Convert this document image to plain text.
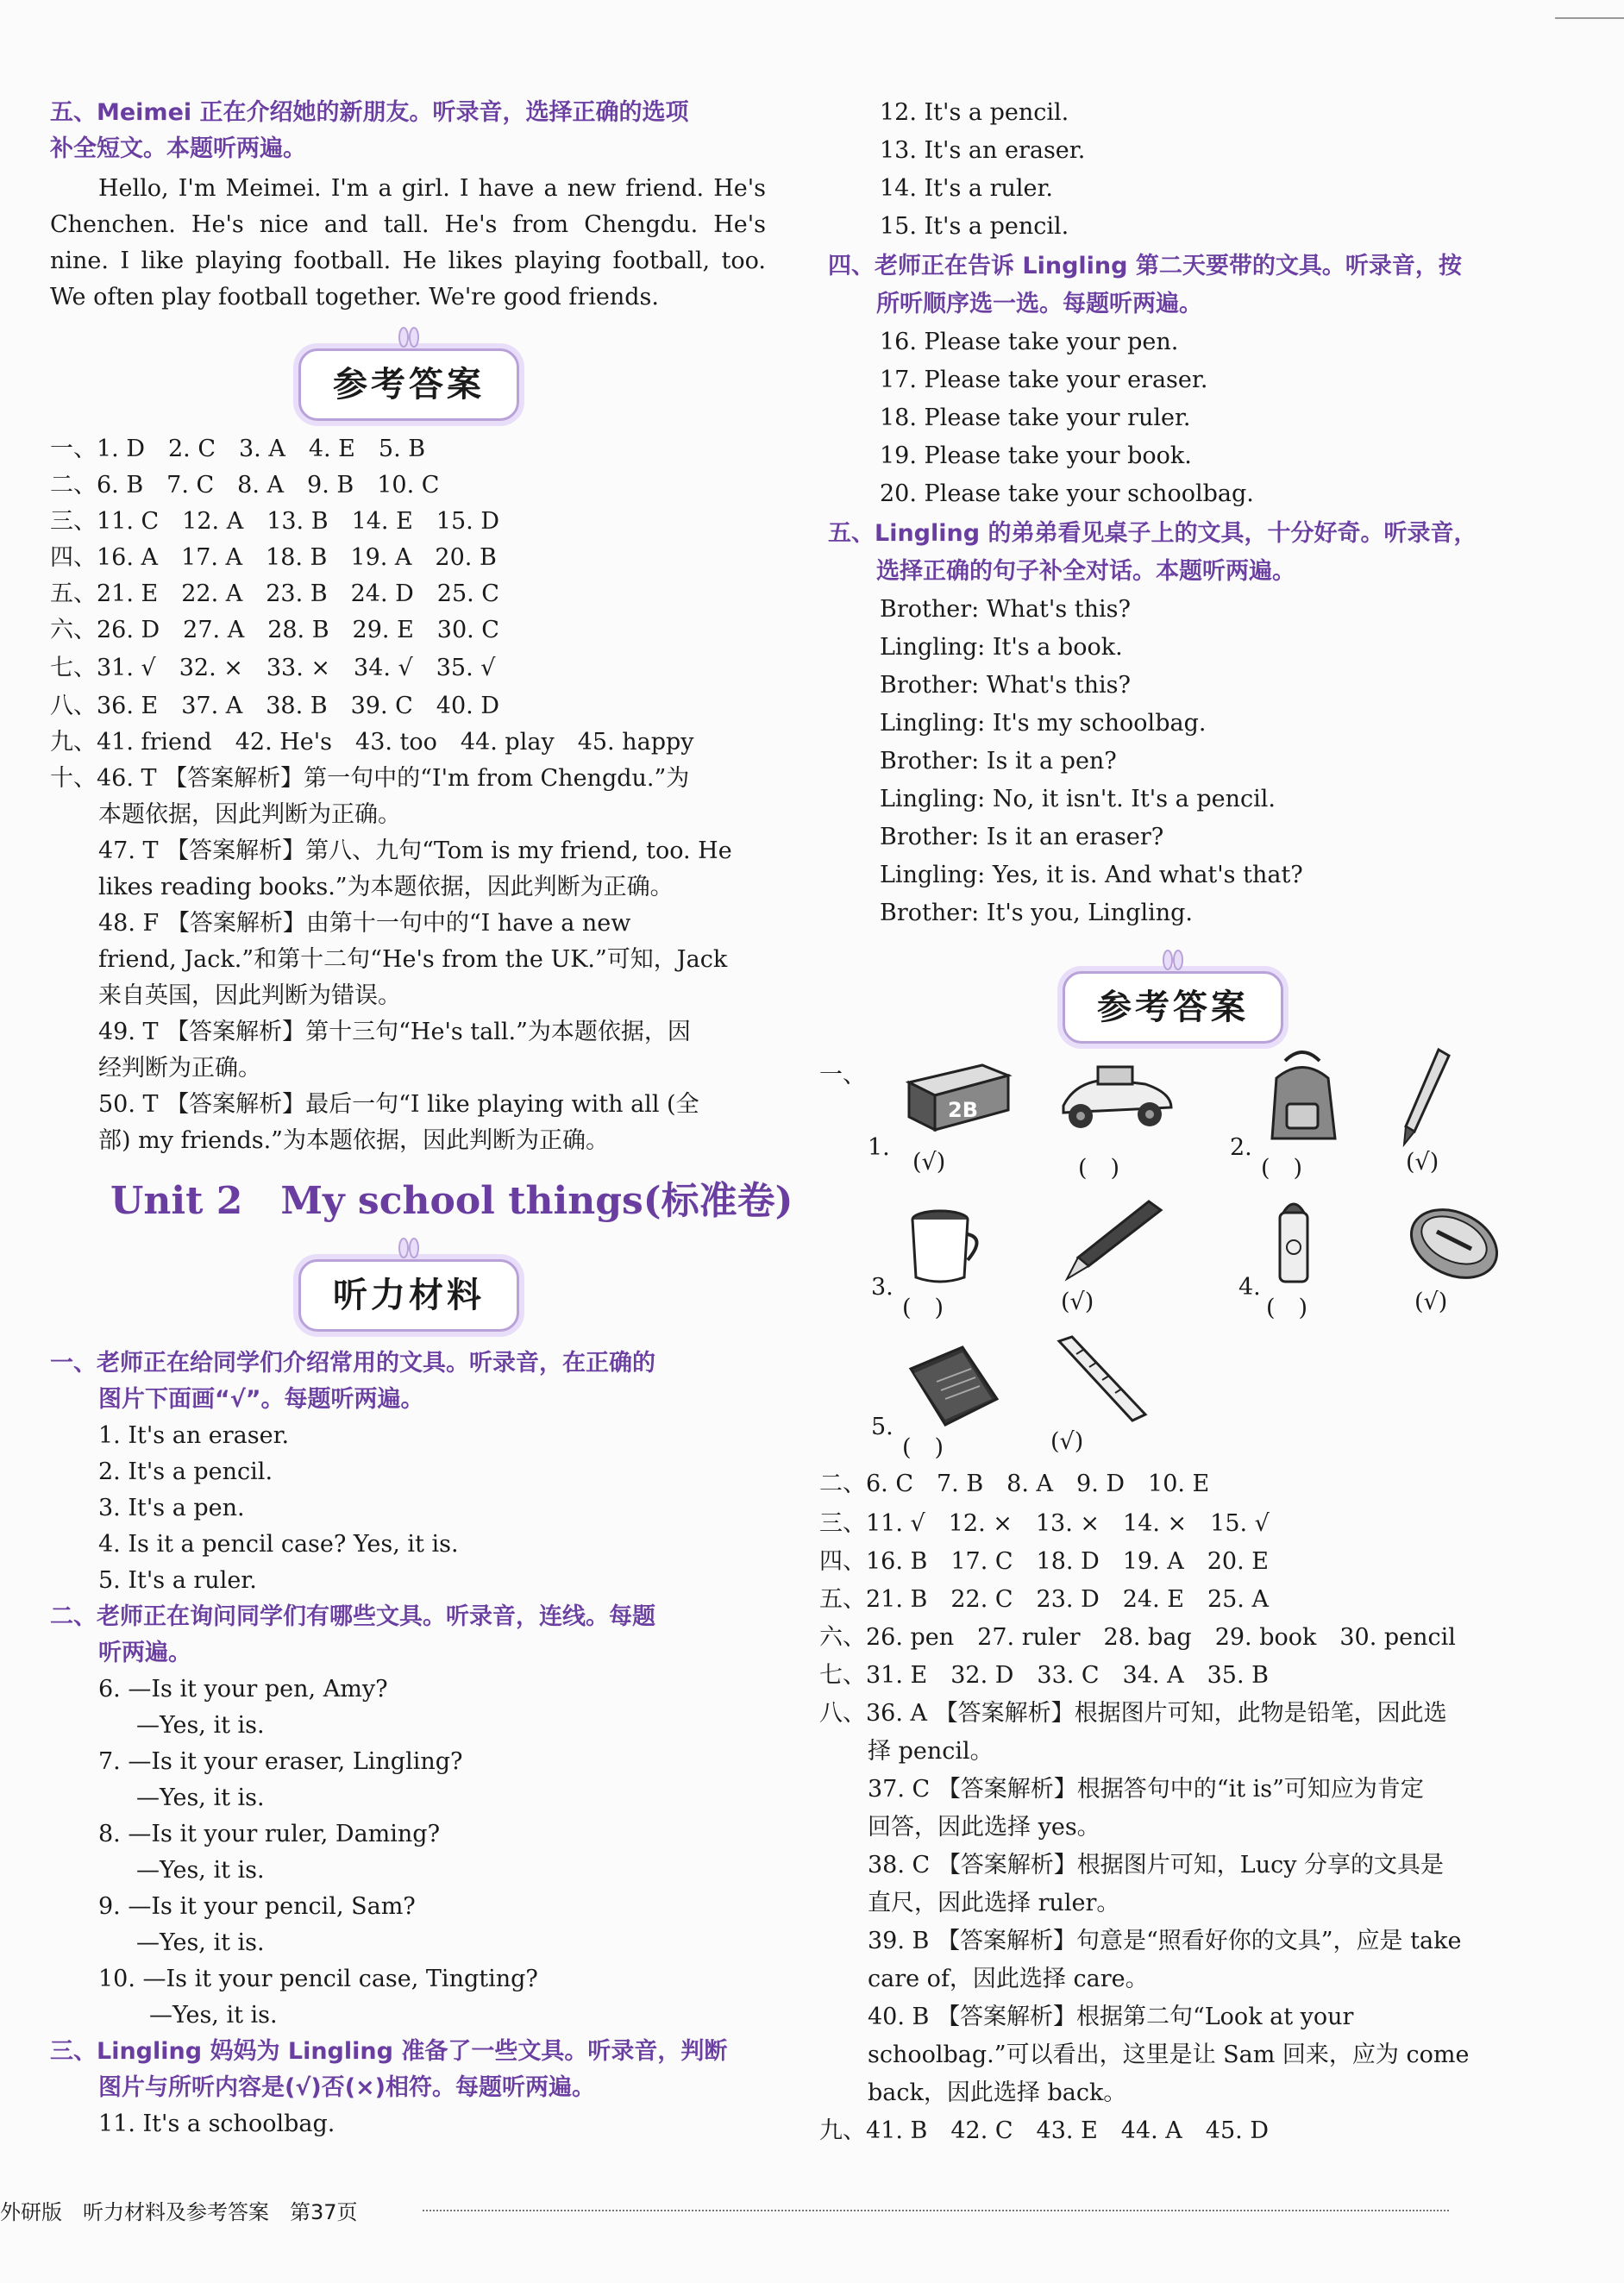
五、Meimei 正在介绍她的新朋友。听录音，选择正确的选项
补全短文。本题听两遍。
Hello, I'm Meimei. I'm a girl. I have a new friend. He's Chenchen. He's nice and tall. He's from Chengdu. He's nine. I like playing football. He likes playing football, too. We often play football together. We're good friends.
参考答案
一、1. D　2. C　3. A　4. E　5. B
二、6. B　7. C　8. A　9. B　10. C
三、11. C　12. A　13. B　14. E　15. D
四、16. A　17. A　18. B　19. A　20. B
五、21. E　22. A　23. B　24. D　25. C
六、26. D　27. A　28. B　29. E　30. C
七、31. √　32. ×　33. ×　34. √　35. √
八、36. E　37. A　38. B　39. C　40. D
九、41. friend　42. He's　43. too　44. play　45. happy
十、46. T 【答案解析】第一句中的“I'm from Chengdu.”为
本题依据，因此判断为正确。
47. T 【答案解析】第八、九句“Tom is my friend, too. He
likes reading books.”为本题依据，因此判断为正确。
48. F 【答案解析】由第十一句中的“I have a new
friend, Jack.”和第十二句“He's from the UK.”可知，Jack
来自英国，因此判断为错误。
49. T 【答案解析】第十三句“He's tall.”为本题依据，因
经判断为正确。
50. T 【答案解析】最后一句“I like playing with all (全
部) my friends.”为本题依据，因此判断为正确。
Unit 2　My school things(标准卷)
听力材料
一、老师正在给同学们介绍常用的文具。听录音，在正确的
图片下面画“√”。每题听两遍。
1. It's an eraser.
2. It's a pencil.
3. It's a pen.
4. Is it a pencil case? Yes, it is.
5. It's a ruler.
二、老师正在询问同学们有哪些文具。听录音，连线。每题
听两遍。
6. —Is it your pen, Amy?
—Yes, it is.
7. —Is it your eraser, Lingling?
—Yes, it is.
8. —Is it your ruler, Daming?
—Yes, it is.
9. —Is it your pencil, Sam?
—Yes, it is.
10. —Is it your pencil case, Tingting?
—Yes, it is.
三、Lingling 妈妈为 Lingling 准备了一些文具。听录音，判断
图片与所听内容是(√)否(×)相符。每题听两遍。
11. It's a schoolbag.
12. It's a pencil.
13. It's an eraser.
14. It's a ruler.
15. It's a pencil.
四、老师正在告诉 Lingling 第二天要带的文具。听录音，按
所听顺序选一选。每题听两遍。
16. Please take your pen.
17. Please take your eraser.
18. Please take your ruler.
19. Please take your book.
20. Please take your schoolbag.
五、Lingling 的弟弟看见桌子上的文具，十分好奇。听录音，
选择正确的句子补全对话。本题听两遍。
Brother: What's this?
Lingling: It's a book.
Brother: What's this?
Lingling: It's my schoolbag.
Brother: Is it a pen?
Lingling: No, it isn't. It's a pencil.
Brother: Is it an eraser?
Lingling: Yes, it is. And what's that?
Brother: It's you, Lingling.
参考答案
一、
2B
1.	2.
(√)	(　)	(　)	(√)
3.	4.
(　)	(√)	(　)	(√)
5.
(　)	(√)
二、6. C　7. B　8. A　9. D　10. E
三、11. √　12. ×　13. ×　14. ×　15. √
四、16. B　17. C　18. D　19. A　20. E
五、21. B　22. C　23. D　24. E　25. A
六、26. pen　27. ruler　28. bag　29. book　30. pencil
七、31. E　32. D　33. C　34. A　35. B
八、36. A 【答案解析】根据图片可知，此物是铅笔，因此选
择 pencil。
37. C 【答案解析】根据答句中的“it is”可知应为肯定
回答，因此选择 yes。
38. C 【答案解析】根据图片可知，Lucy 分享的文具是
直尺，因此选择 ruler。
39. B 【答案解析】句意是“照看好你的文具”，应是 take
care of，因此选择 care。
40. B 【答案解析】根据第二句“Look at your
schoolbag.”可以看出，这里是让 Sam 回来，应为 come
back，因此选择 back。
九、41. B　42. C　43. E　44. A　45. D
外研版　听力材料及参考答案　第37页
